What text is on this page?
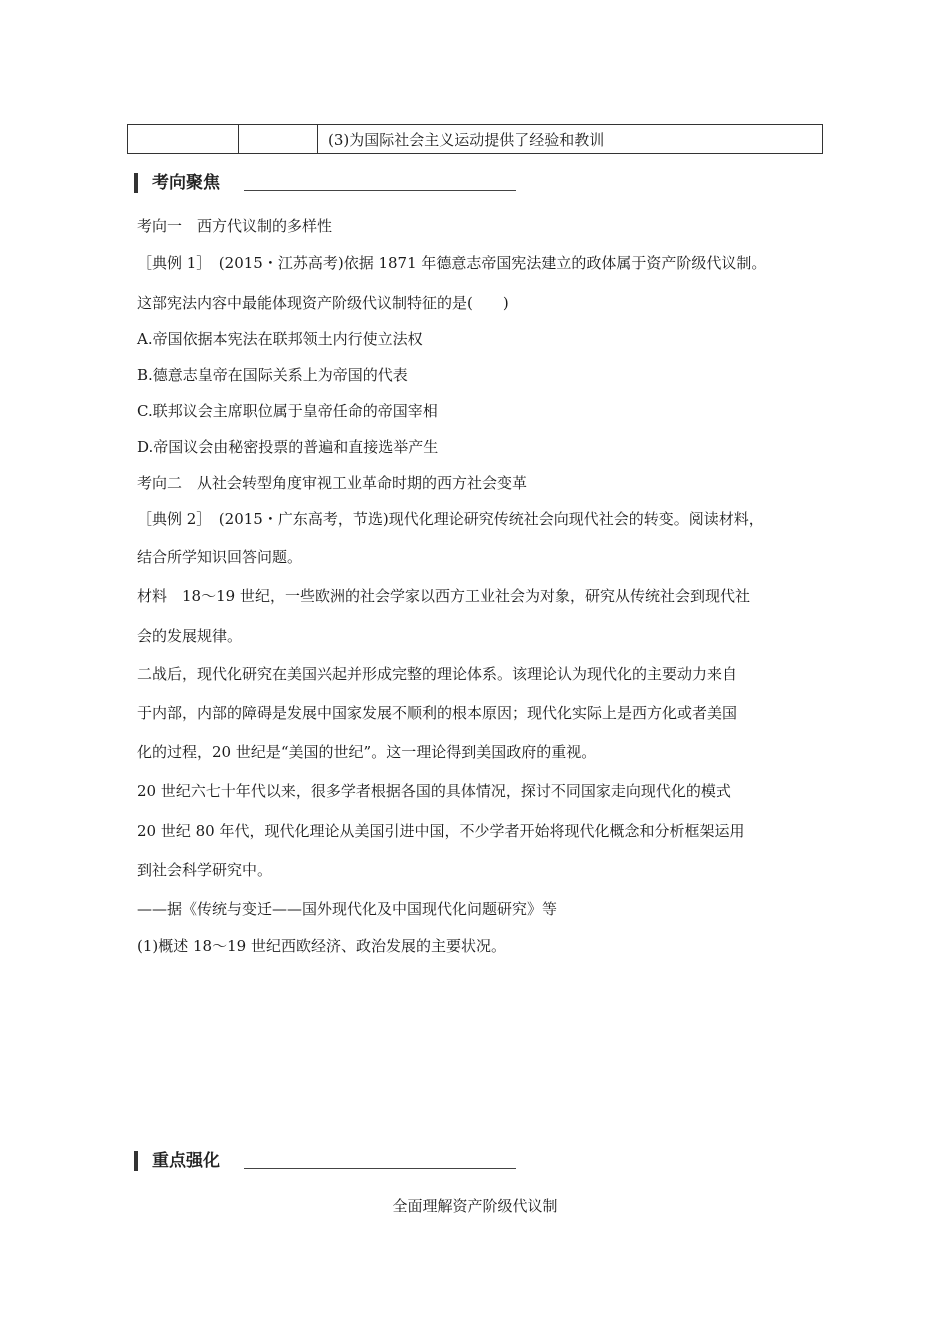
		(3)为国际社会主义运动提供了经验和教训
考向聚焦
考向一　西方代议制的多样性
［典例 1］　(2015・江苏高考)依据 1871 年德意志帝国宪法建立的政体属于资产阶级代议制。
这部宪法内容中最能体现资产阶级代议制特征的是(　　)
A.帝国依据本宪法在联邦领土内行使立法权
B.德意志皇帝在国际关系上为帝国的代表
C.联邦议会主席职位属于皇帝任命的帝国宰相
D.帝国议会由秘密投票的普遍和直接选举产生
考向二　从社会转型角度审视工业革命时期的西方社会变革
［典例 2］　(2015・广东高考，节选)现代化理论研究传统社会向现代社会的转变。阅读材料，
结合所学知识回答问题。
材料　18～19 世纪，一些欧洲的社会学家以西方工业社会为对象，研究从传统社会到现代社
会的发展规律。
二战后，现代化研究在美国兴起并形成完整的理论体系。该理论认为现代化的主要动力来自
于内部，内部的障碍是发展中国家发展不顺利的根本原因；现代化实际上是西方化或者美国
化的过程，20 世纪是“美国的世纪”。这一理论得到美国政府的重视。
20 世纪六七十年代以来，很多学者根据各国的具体情况，探讨不同国家走向现代化的模式
20 世纪 80 年代，现代化理论从美国引进中国，不少学者开始将现代化概念和分析框架运用
到社会科学研究中。
——据《传统与变迁——国外现代化及中国现代化问题研究》等
(1)概述 18～19 世纪西欧经济、政治发展的主要状况。
重点强化
全面理解资产阶级代议制
